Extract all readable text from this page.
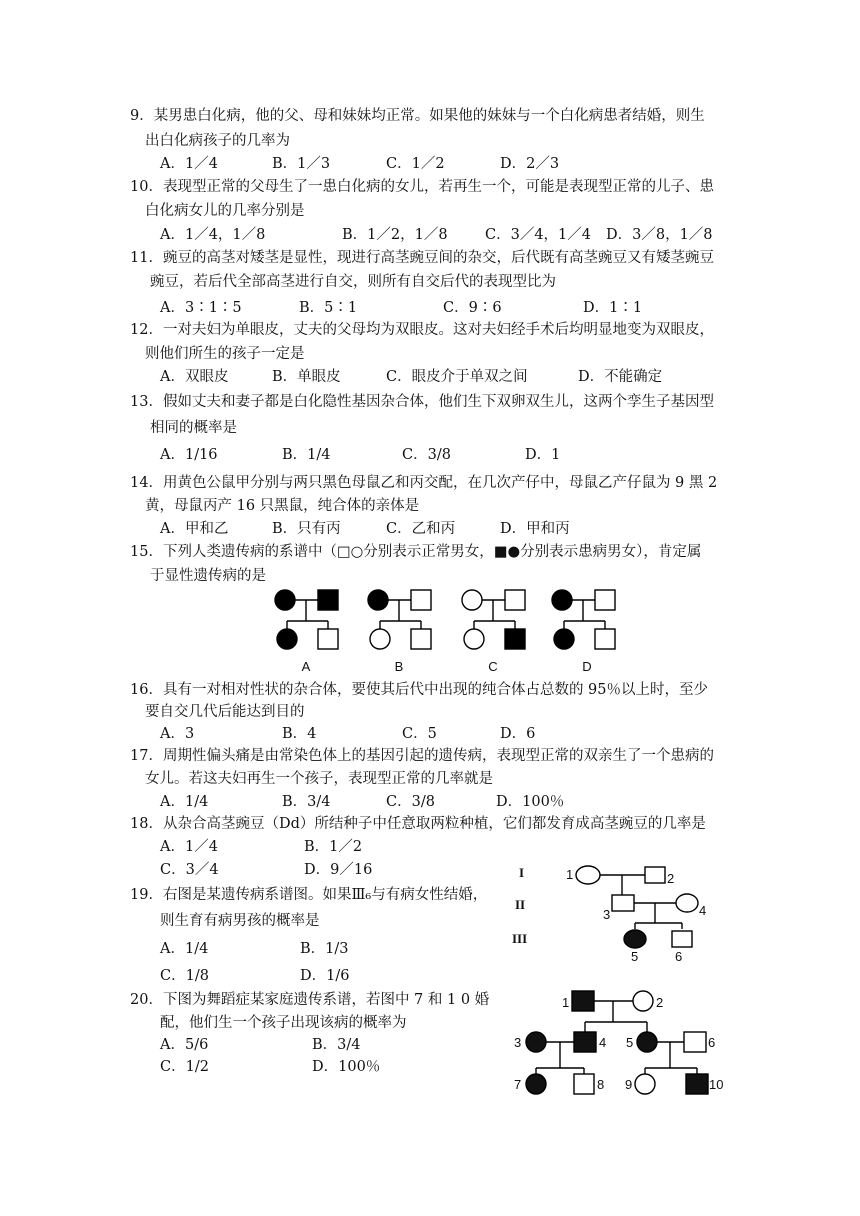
9．某男患白化病，他的父、母和妹妹均正常。如果他的妹妹与一个白化病患者结婚，则生
出白化病孩子的几率为
A．1／4	B．1／3	C．1／2	D．2／3
10．表现型正常的父母生了一患白化病的女儿，若再生一个，可能是表现型正常的儿子、患
白化病女儿的几率分别是
A．1／4，1／8	B．1／2，1／8	C．3／4，1／4 D．3／8，1／8
11．豌豆的高茎对矮茎是显性，现进行高茎豌豆间的杂交，后代既有高茎豌豆又有矮茎豌豆
豌豆，若后代全部高茎进行自交，则所有自交后代的表现型比为
A．3∶1∶5	B．5∶1	C．9∶6	D．1∶1
12．一对夫妇为单眼皮，丈夫的父母均为双眼皮。这对夫妇经手术后均明显地变为双眼皮，
则他们所生的孩子一定是
A．双眼皮	B．单眼皮	C．眼皮介于单双之间	D．不能确定
13．假如丈夫和妻子都是白化隐性基因杂合体，他们生下双卵双生儿，这两个孪生子基因型
相同的概率是
A．1/16	B．1/4	C．3/8	D．1
14．用黄色公鼠甲分别与两只黑色母鼠乙和丙交配，在几次产仔中，母鼠乙产仔鼠为 9 黑 2
黄，母鼠丙产 16 只黑鼠，纯合体的亲体是
A．甲和乙	B．只有丙	C．乙和丙	D．甲和丙
15．下列人类遗传病的系谱中（□○分别表示正常男女，■●分别表示患病男女），肯定属
于显性遗传病的是
A	B	C	D
16．具有一对相对性状的杂合体，要使其后代中出现的纯合体占总数的 95％以上时，至少
要自交几代后能达到目的
A．3	B．4	C．5	D．6
17．周期性偏头痛是由常染色体上的基因引起的遗传病，表现型正常的双亲生了一个患病的
女儿。若这夫妇再生一个孩子，表现型正常的几率就是
A．1/4	B．3/4	C．3/8	D．100％
18．从杂合高茎豌豆（Dd）所结种子中任意取两粒种植，它们都发育成高茎豌豆的几率是
A．1／4	B．1／2
C．3／4	D．9／16
19．右图是某遗传病系谱图。如果Ⅲ₆与有病女性结婚，
则生育有病男孩的概率是
A．1/4	B．1/3
C．1/8	D．1/6
I
II
III
1	2
3	4
5	6
20．下图为舞蹈症某家庭遗传系谱，若图中 7 和 1 0 婚
配，他们生一个孩子出现该病的概率为
A．5/6	B．3/4
C．1/2	D．100％
1	2
3	4 5	6
7	8 9	10
